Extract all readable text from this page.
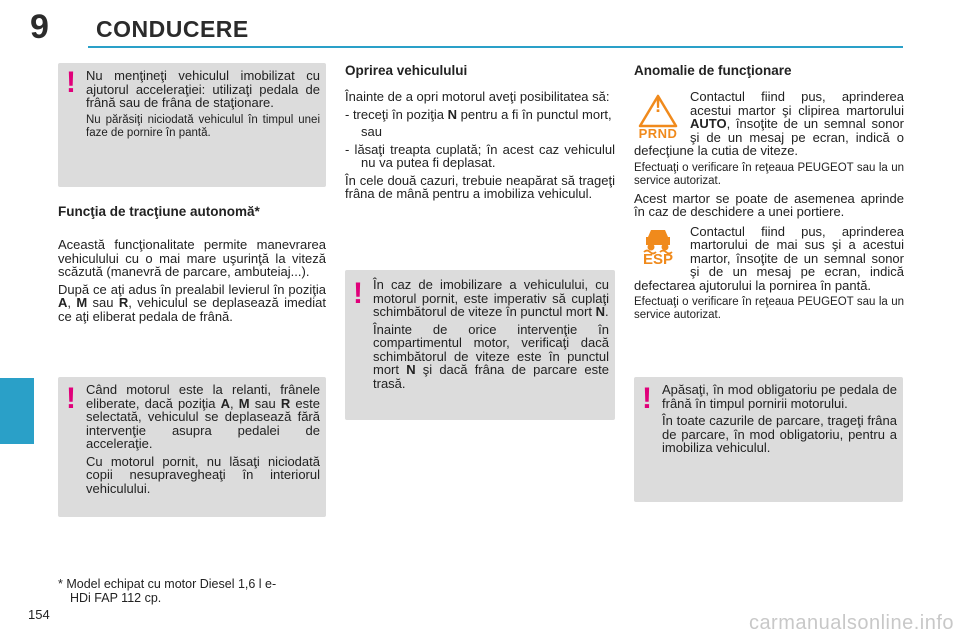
9 CONDUCERE
! Nu menţineţi vehiculul imobilizat cu ajutorul acceleraţiei: utilizaţi pedala de frână sau de frâna de staţionare.

Nu părăsiţi niciodată vehiculul în timpul unei faze de pornire în pantă.

Funcţia de tracţiune autonomă*

Această funcţionalitate permite manevrarea vehiculului cu o mai mare uşurinţă la viteză scăzută (manevră de parcare, ambuteiaj...).

După ce aţi adus în prealabil levierul în poziţia A, M sau R, vehiculul se deplasează imediat ce aţi eliberat pedala de frână.

! Când motorul este la relanti, frânele eliberate, dacă poziţia A, M sau R este selectată, vehiculul se deplasează fără intervenţie asupra pedalei de acceleraţie.

Cu motorul pornit, nu lăsaţi niciodată copii nesupravegheaţi în interiorul vehiculului.

* Model echipat cu motor Diesel 1,6 l e-
HDi FAP 112 cp.
Oprirea vehiculului

Înainte de a opri motorul aveţi posibilitatea să:

- treceţi în poziţia N pentru a fi în punctul mort,

sau

- lăsaţi treapta cuplată; în acest caz vehiculul nu va putea fi deplasat.

În cele două cazuri, trebuie neapărat să trageţi frâna de mână pentru a imobiliza vehiculul.

! În caz de imobilizare a vehiculului, cu motorul pornit, este imperativ să cuplaţi schimbătorul de viteze în punctul mort N.

Înainte de orice intervenţie în compartimentul motor, verificaţi dacă schimbătorul de viteze este în punctul mort N şi dacă frâna de parcare este trasă.

Anomalie de funcţionare
!
PRND

Contactul fiind pus, aprinderea acestui martor şi clipirea martorului AUTO, însoţite de un semnal sonor şi de un mesaj pe ecran, indică o defecţiune la cutia de viteze.

Efectuaţi o verificare în reţeaua PEUGEOT sau la un service autorizat.

Acest martor se poate de asemenea aprinde în caz de deschidere a unei portiere.

ESP

Contactul fiind pus, aprinderea martorului de mai sus şi a acestui martor, însoţite de un semnal sonor şi de un mesaj pe ecran, indică defectarea ajutorului la pornirea în pantă.

Efectuaţi o verificare în reţeaua PEUGEOT sau la un service autorizat.

! Apăsaţi, în mod obligatoriu pe pedala de frână în timpul pornirii motorului.

În toate cazurile de parcare, trageţi frâna de parcare, în mod obligatoriu, pentru a imobiliza vehiculul.

154	carmanualsonline.info
